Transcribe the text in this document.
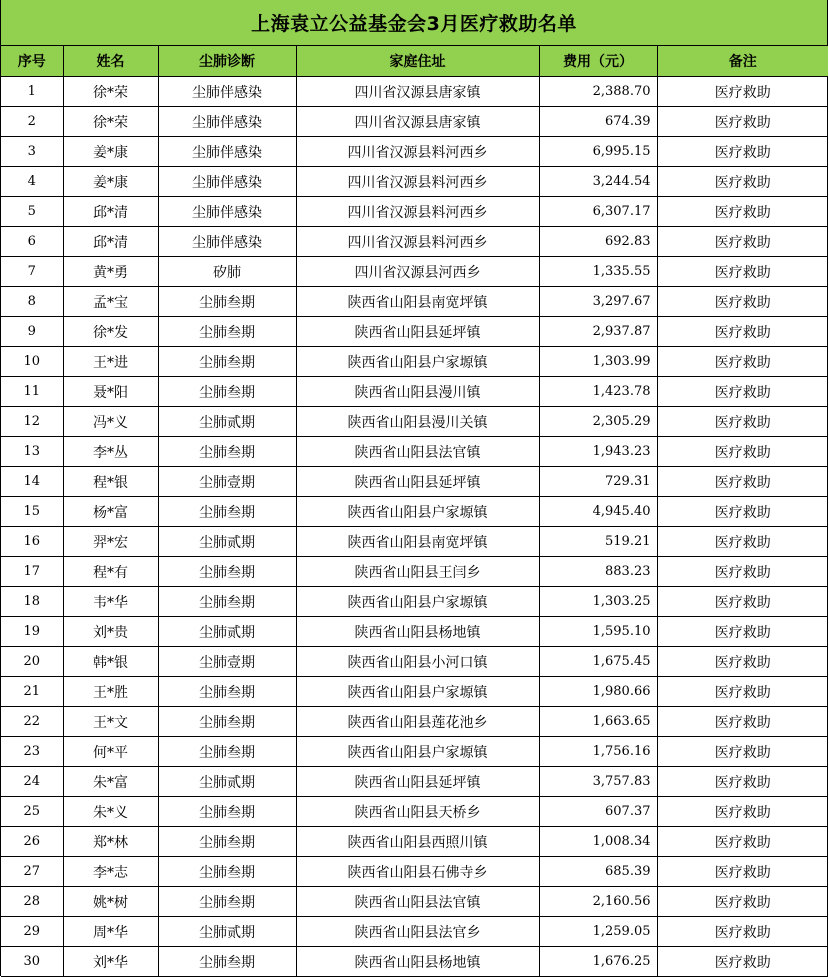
上海袁立公益基金会3月医疗救助名单
序号	姓名	尘肺诊断	家庭住址	费用（元）	备注
1	徐*荣	尘肺伴感染	四川省汉源县唐家镇	2,388.70	医疗救助
2	徐*荣	尘肺伴感染	四川省汉源县唐家镇	674.39	医疗救助
3	姜*康	尘肺伴感染	四川省汉源县料河西乡	6,995.15	医疗救助
4	姜*康	尘肺伴感染	四川省汉源县料河西乡	3,244.54	医疗救助
5	邱*清	尘肺伴感染	四川省汉源县料河西乡	6,307.17	医疗救助
6	邱*清	尘肺伴感染	四川省汉源县料河西乡	692.83	医疗救助
7	黄*勇	矽肺	四川省汉源县河西乡	1,335.55	医疗救助
8	孟*宝	尘肺叁期	陕西省山阳县南宽坪镇	3,297.67	医疗救助
9	徐*发	尘肺叁期	陕西省山阳县延坪镇	2,937.87	医疗救助
10	王*进	尘肺叁期	陕西省山阳县户家塬镇	1,303.99	医疗救助
11	聂*阳	尘肺叁期	陕西省山阳县漫川镇	1,423.78	医疗救助
12	冯*义	尘肺贰期	陕西省山阳县漫川关镇	2,305.29	医疗救助
13	李*丛	尘肺叁期	陕西省山阳县法官镇	1,943.23	医疗救助
14	程*银	尘肺壹期	陕西省山阳县延坪镇	729.31	医疗救助
15	杨*富	尘肺叁期	陕西省山阳县户家塬镇	4,945.40	医疗救助
16	羿*宏	尘肺贰期	陕西省山阳县南宽坪镇	519.21	医疗救助
17	程*有	尘肺叁期	陕西省山阳县王闫乡	883.23	医疗救助
18	韦*华	尘肺叁期	陕西省山阳县户家塬镇	1,303.25	医疗救助
19	刘*贵	尘肺贰期	陕西省山阳县杨地镇	1,595.10	医疗救助
20	韩*银	尘肺壹期	陕西省山阳县小河口镇	1,675.45	医疗救助
21	王*胜	尘肺叁期	陕西省山阳县户家塬镇	1,980.66	医疗救助
22	王*文	尘肺叁期	陕西省山阳县莲花池乡	1,663.65	医疗救助
23	何*平	尘肺叁期	陕西省山阳县户家塬镇	1,756.16	医疗救助
24	朱*富	尘肺贰期	陕西省山阳县延坪镇	3,757.83	医疗救助
25	朱*义	尘肺叁期	陕西省山阳县天桥乡	607.37	医疗救助
26	郑*林	尘肺叁期	陕西省山阳县西照川镇	1,008.34	医疗救助
27	李*志	尘肺叁期	陕西省山阳县石佛寺乡	685.39	医疗救助
28	姚*树	尘肺叁期	陕西省山阳县法官镇	2,160.56	医疗救助
29	周*华	尘肺贰期	陕西省山阳县法官乡	1,259.05	医疗救助
30	刘*华	尘肺叁期	陕西省山阳县杨地镇	1,676.25	医疗救助
